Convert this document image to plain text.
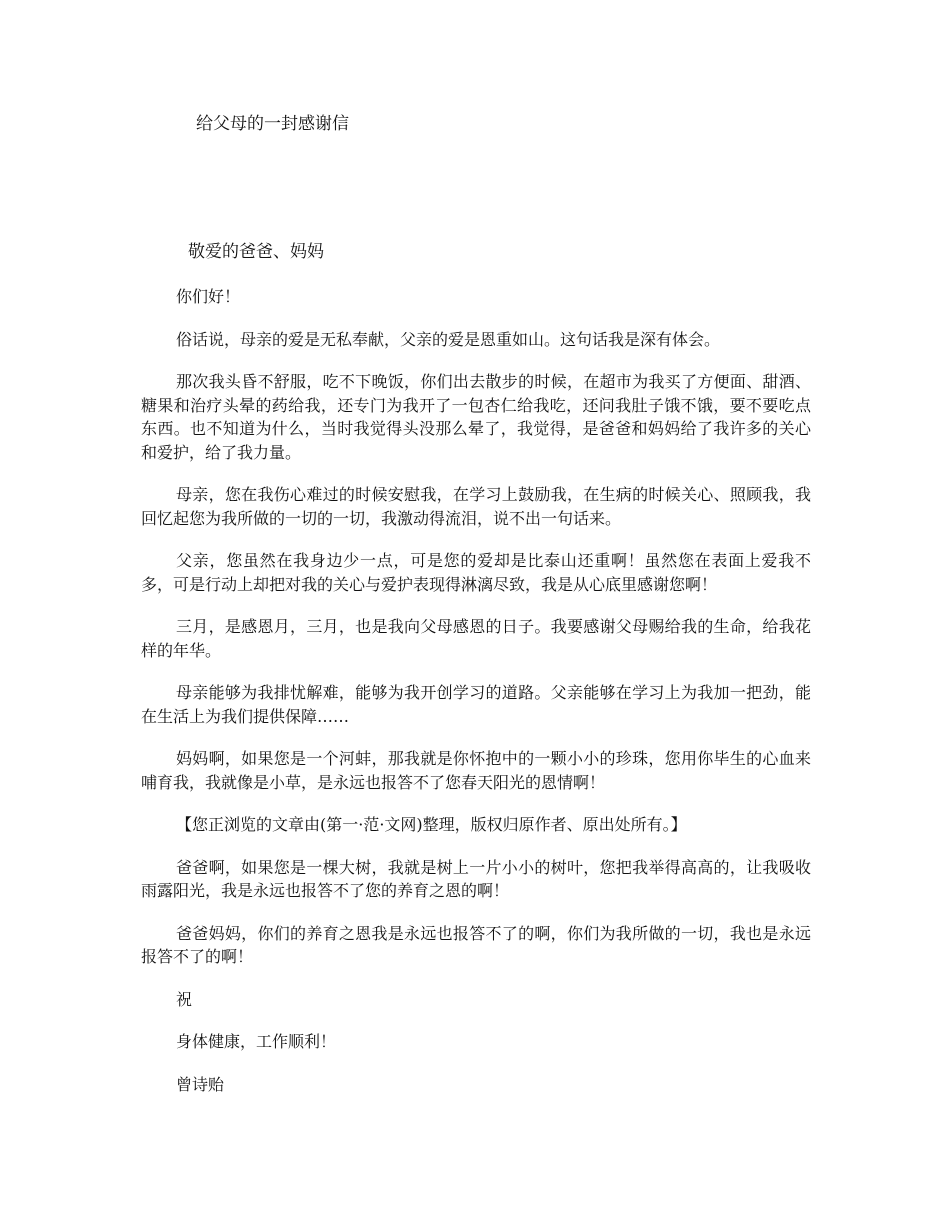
给父母的一封感谢信
敬爱的爸爸、妈妈

你们好！

俗话说，母亲的爱是无私奉献，父亲的爱是恩重如山。这句话我是深有体会。

那次我头昏不舒服，吃不下晚饭，你们出去散步的时候，在超市为我买了方便面、甜酒、糖果和治疗头晕的药给我，还专门为我开了一包杏仁给我吃，还问我肚子饿不饿，要不要吃点东西。也不知道为什么，当时我觉得头没那么晕了，我觉得，是爸爸和妈妈给了我许多的关心和爱护，给了我力量。

母亲，您在我伤心难过的时候安慰我，在学习上鼓励我，在生病的时候关心、照顾我，我回忆起您为我所做的一切的一切，我激动得流泪，说不出一句话来。

父亲，您虽然在我身边少一点，可是您的爱却是比泰山还重啊！虽然您在表面上爱我不多，可是行动上却把对我的关心与爱护表现得淋漓尽致，我是从心底里感谢您啊！

三月，是感恩月，三月，也是我向父母感恩的日子。我要感谢父母赐给我的生命，给我花样的年华。

母亲能够为我排忧解难，能够为我开创学习的道路。父亲能够在学习上为我加一把劲，能在生活上为我们提供保障……

妈妈啊，如果您是一个河蚌，那我就是你怀抱中的一颗小小的珍珠，您用你毕生的心血来哺育我，我就像是小草，是永远也报答不了您春天阳光的恩情啊！

【您正浏览的文章由(第一·范·文网)整理，版权归原作者、原出处所有。】

爸爸啊，如果您是一棵大树，我就是树上一片小小的树叶，您把我举得高高的，让我吸收雨露阳光，我是永远也报答不了您的养育之恩的啊！

爸爸妈妈，你们的养育之恩我是永远也报答不了的啊，你们为我所做的一切，我也是永远报答不了的啊！

祝

身体健康，工作顺利！

曾诗贻
